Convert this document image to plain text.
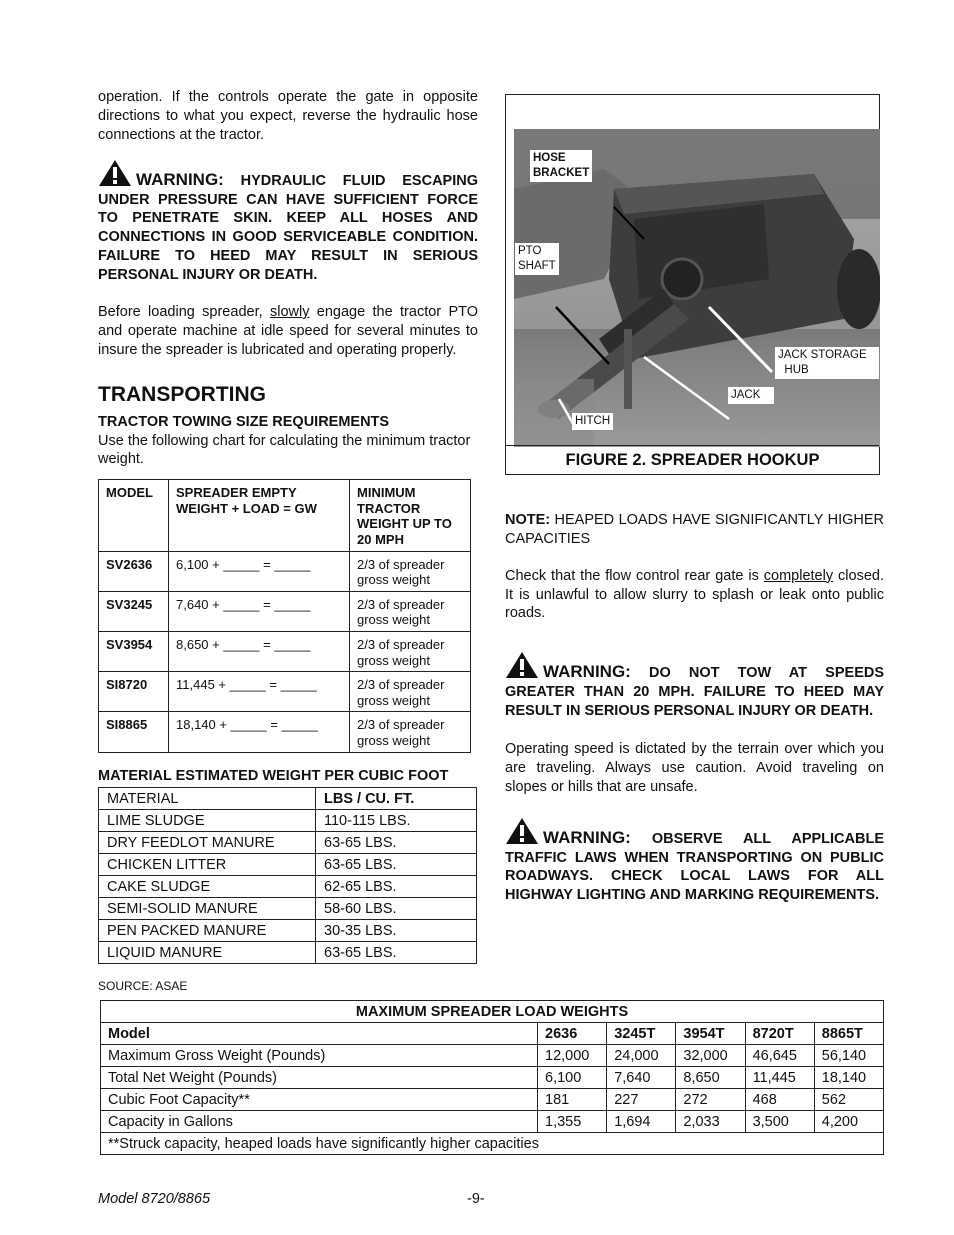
operation. If the controls operate the gate in opposite directions to what you expect, reverse the hydraulic hose connections at the tractor.

WARNING: HYDRAULIC FLUID ESCAPING UNDER PRESSURE CAN HAVE SUFFICIENT FORCE TO PENETRATE SKIN. KEEP ALL HOSES AND CONNECTIONS IN GOOD SERVICEABLE CONDITION. FAILURE TO HEED MAY RESULT IN SERIOUS PERSONAL INJURY OR DEATH.

Before loading spreader, slowly engage the tractor PTO and operate machine at idle speed for several minutes to insure the spreader is lubricated and operating properly.

TRANSPORTING
TRACTOR TOWING SIZE REQUIREMENTS

Use the following chart for calculating the minimum tractor weight.

MODEL	SPREADER EMPTY WEIGHT + LOAD = GW	MINIMUM TRACTOR WEIGHT UP TO 20 MPH
SV2636	6,100 + _____ = _____	2/3 of spreader gross weight
SV3245	7,640 + _____ = _____	2/3 of spreader gross weight
SV3954	8,650 + _____ = _____	2/3 of spreader gross weight
SI8720	11,445 + _____ = _____	2/3 of spreader gross weight
SI8865	18,140 + _____ = _____	2/3 of spreader gross weight
MATERIAL ESTIMATED WEIGHT PER CUBIC FOOT
MATERIAL	LBS / CU. FT.
LIME SLUDGE	110-115 LBS.
DRY FEEDLOT MANURE	63-65 LBS.
CHICKEN LITTER	63-65 LBS.
CAKE SLUDGE	62-65 LBS.
SEMI-SOLID MANURE	58-60 LBS.
PEN PACKED MANURE	30-35 LBS.
LIQUID MANURE	63-65 LBS.
SOURCE: ASAE
HOSE
BRACKET
PTO
SHAFT
JACK STORAGE
HUB
JACK
HITCH
FIGURE 2. SPREADER HOOKUP

NOTE: HEAPED LOADS HAVE SIGNIFICANTLY HIGHER CAPACITIES

Check that the flow control rear gate is completely closed. It is unlawful to allow slurry to splash or leak onto public roads.

WARNING: DO NOT TOW AT SPEEDS GREATER THAN 20 MPH. FAILURE TO HEED MAY RESULT IN SERIOUS PERSONAL INJURY OR DEATH.

Operating speed is dictated by the terrain over which you are traveling. Always use caution. Avoid traveling on slopes or hills that are unsafe.

WARNING: OBSERVE ALL APPLICABLE TRAFFIC LAWS WHEN TRANSPORTING ON PUBLIC ROADWAYS. CHECK LOCAL LAWS FOR ALL HIGHWAY LIGHTING AND MARKING REQUIREMENTS.
MAXIMUM SPREADER LOAD WEIGHTS					
Model	2636	3245T	3954T	8720T	8865T
Maximum Gross Weight (Pounds)	12,000	24,000	32,000	46,645	56,140
Total Net Weight (Pounds)	6,100	7,640	8,650	11,445	18,140
Cubic Foot Capacity**	181	227	272	468	562
Capacity in Gallons	1,355	1,694	2,033	3,500	4,200
**Struck capacity, heaped loads have significantly higher capacities					
Model 8720/8865	-9-
